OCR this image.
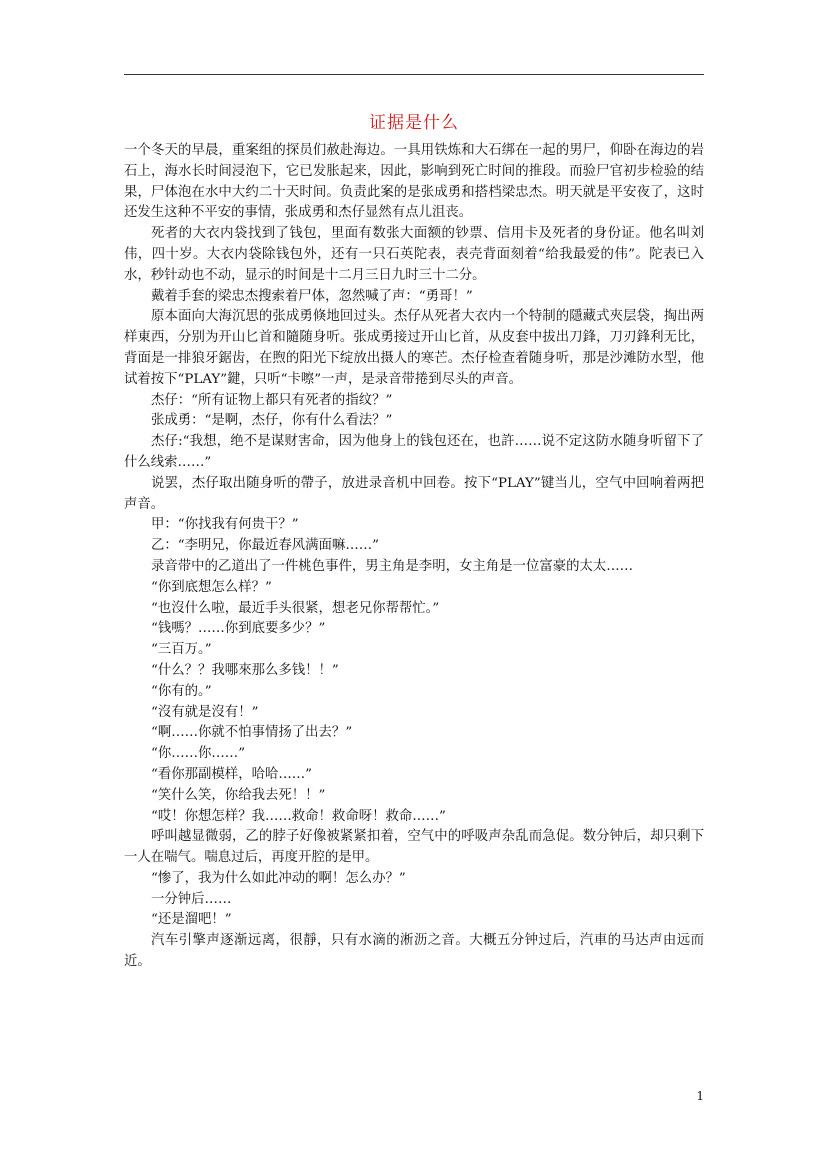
证据是什么

一个冬天的早晨，重案组的探员们赦赴海边。一具用铁炼和大石绑在一起的男尸，仰卧在海边的岩石上，海水长时间浸泡下，它已发胀起来，因此，影响到死亡时间的推段。而验尸官初步检验的结果，尸体泡在水中大约二十天时间。负责此案的是张成勇和搭档梁忠杰。明天就是平安夜了，这时还发生这种不平安的事情，张成勇和杰仔显然有点儿沮丧。

死者的大衣内袋找到了钱包，里面有数张大面额的钞票、信用卡及死者的身份证。他名叫刘伟，四十岁。大衣内袋除钱包外，还有一只石英陀表，表壳背面刻着“给我最爱的伟”。陀表已入水，秒针动也不动，显示的时间是十二月三日九时三十二分。

戴着手套的梁忠杰搜索着尸体，忽然喊了声：“勇哥！”

原本面向大海沉思的张成勇倏地回过头。杰仔从死者大衣内一个特制的隱藏式夾层袋，掏出两样東西，分别为开山匕首和隨随身听。张成勇接过开山匕首，从皮套中拔出刀鋒，刀刃鋒利无比，背面是一排狼牙鋸齿，在煦的阳光下绽放出摄人的寒芒。杰仔检查着随身听，那是沙滩防水型，他试着按下“PLAY”鍵，只听“卡嚓”一声，是录音带捲到尽头的声音。

杰仔：“所有证物上都只有死者的指纹？”

张成勇：“是啊，杰仔，你有什么看法？”

杰仔:“我想，绝不是谋财害命，因为他身上的钱包还在，也許……说不定这防水随身听留下了什么线索……”

说罢，杰仔取出随身听的帶子，放进录音机中回卷。按下“PLAY”键当儿，空气中回响着两把声音。

甲：“你找我有何贵干？”

乙：“李明兄，你最近春风满面嘛……”

录音带中的乙道出了一件桃色事件，男主角是李明，女主角是一位富豪的太太……

“你到底想怎么样？”

“也沒什么啦，最近手头很紧，想老兄你帮帮忙。”

“钱嗎？……你到底要多少？”

“三百万。”

“什么？？我哪來那么多钱！！”

“你有的。”

“沒有就是沒有！”

“啊……你就不怕事情扬了出去？”

“你……你……”

“看你那副模样，哈哈……”

“笑什么笑，你给我去死！！”

“哎！你想怎样？我……救命！救命呀！救命……”

呼叫越显微弱，乙的脖子好像被紧紧扣着，空气中的呼吸声杂乱而急促。数分钟后，却只剩下一人在喘气。喘息过后，再度开腔的是甲。

“惨了，我为什么如此冲动的啊！怎么办？”

一分钟后……

“还是溜吧！”

汽车引擎声逐渐远离，很靜，只有水滴的淅沥之音。大概五分钟过后，汽車的马达声由远而近。

1
